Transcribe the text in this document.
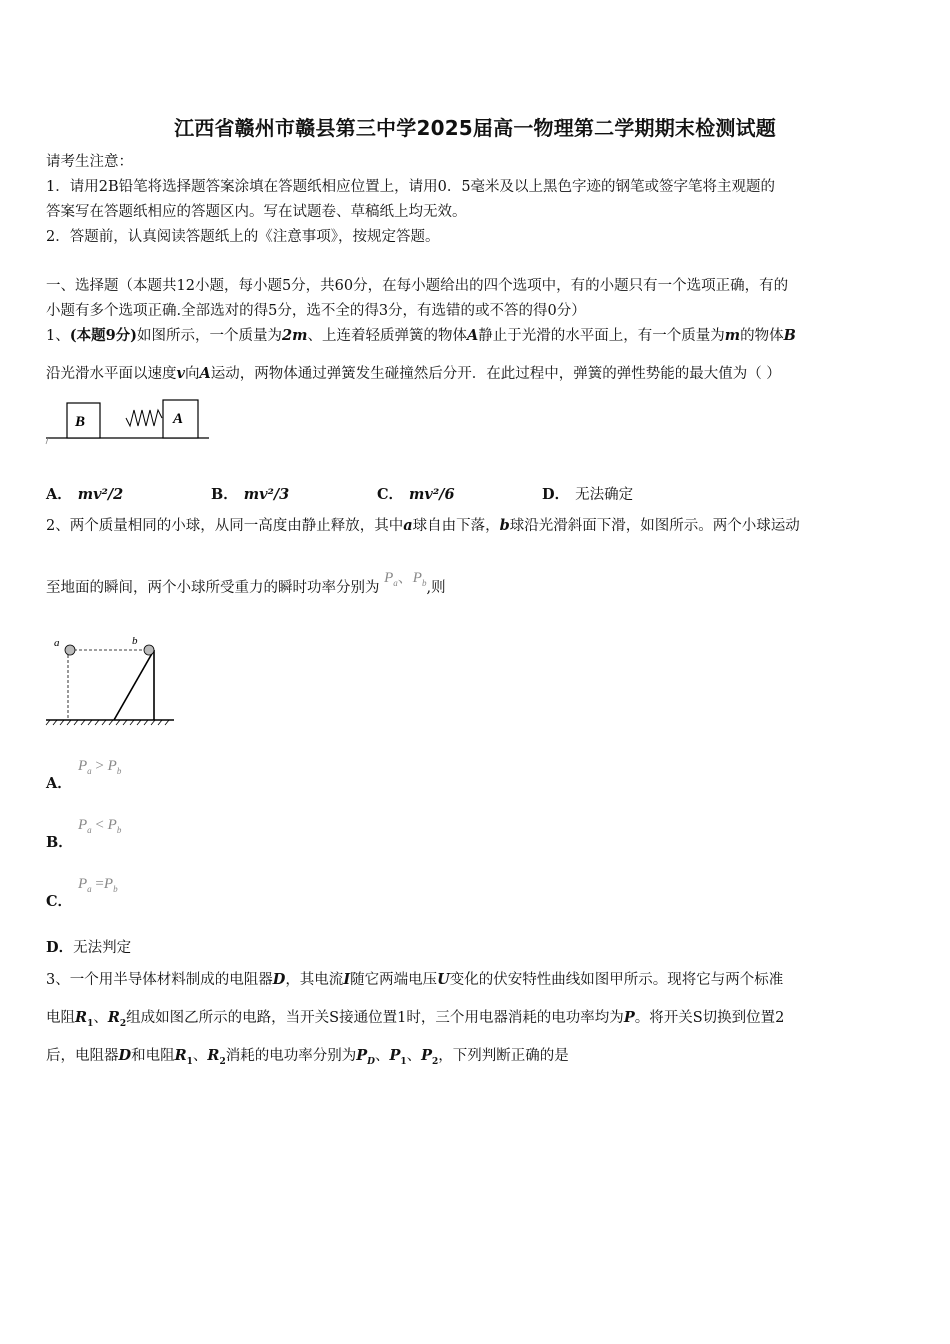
江西省赣州市赣县第三中学2025届高一物理第二学期期末检测试题
请考生注意：
1．请用2B铅笔将选择题答案涂填在答题纸相应位置上，请用0．5毫米及以上黑色字迹的钢笔或签字笔将主观题的
答案写在答题纸相应的答题区内。写在试题卷、草稿纸上均无效。
2．答题前，认真阅读答题纸上的《注意事项》，按规定答题。
一、选择题（本题共12小题，每小题5分，共60分，在每小题给出的四个选项中，有的小题只有一个选项正确，有的
小题有多个选项正确.全部选对的得5分，选不全的得3分，有选错的或不答的得0分）
1、(本题9分)如图所示，一个质量为2m、上连着轻质弹簧的物体A静止于光滑的水平面上，有一个质量为m的物体B
沿光滑水平面以速度v向A运动，两物体通过弹簧发生碰撞然后分开．在此过程中，弹簧的弹性势能的最大值为（ ）
B	A
A． mv²/2	B． mv²/3	C． mv²/6	D． 无法确定
2、两个质量相同的小球，从同一高度由静止释放，其中a球自由下落，b球沿光滑斜面下滑，如图所示。两个小球运动
至地面的瞬间，两个小球所受重力的瞬时功率分别为 $P_a$、$P_b$,则
a	b
A．
$P_a > P_b$
B．
$P_a < P_b$
C．
$P_a =P_b$
D．无法判定
3、一个用半导体材料制成的电阻器D，其电流I随它两端电压U变化的伏安特性曲线如图甲所示。现将它与两个标准
电阻$R_1$、$R_2$组成如图乙所示的电路，当开关S接通位置1时，三个用电器消耗的电功率均为P。将开关S切换到位置2
后，电阻器D和电阻$R_1$、$R_2$消耗的电功率分别为$P_D$、$P_1$、$P_2$，下列判断正确的是
